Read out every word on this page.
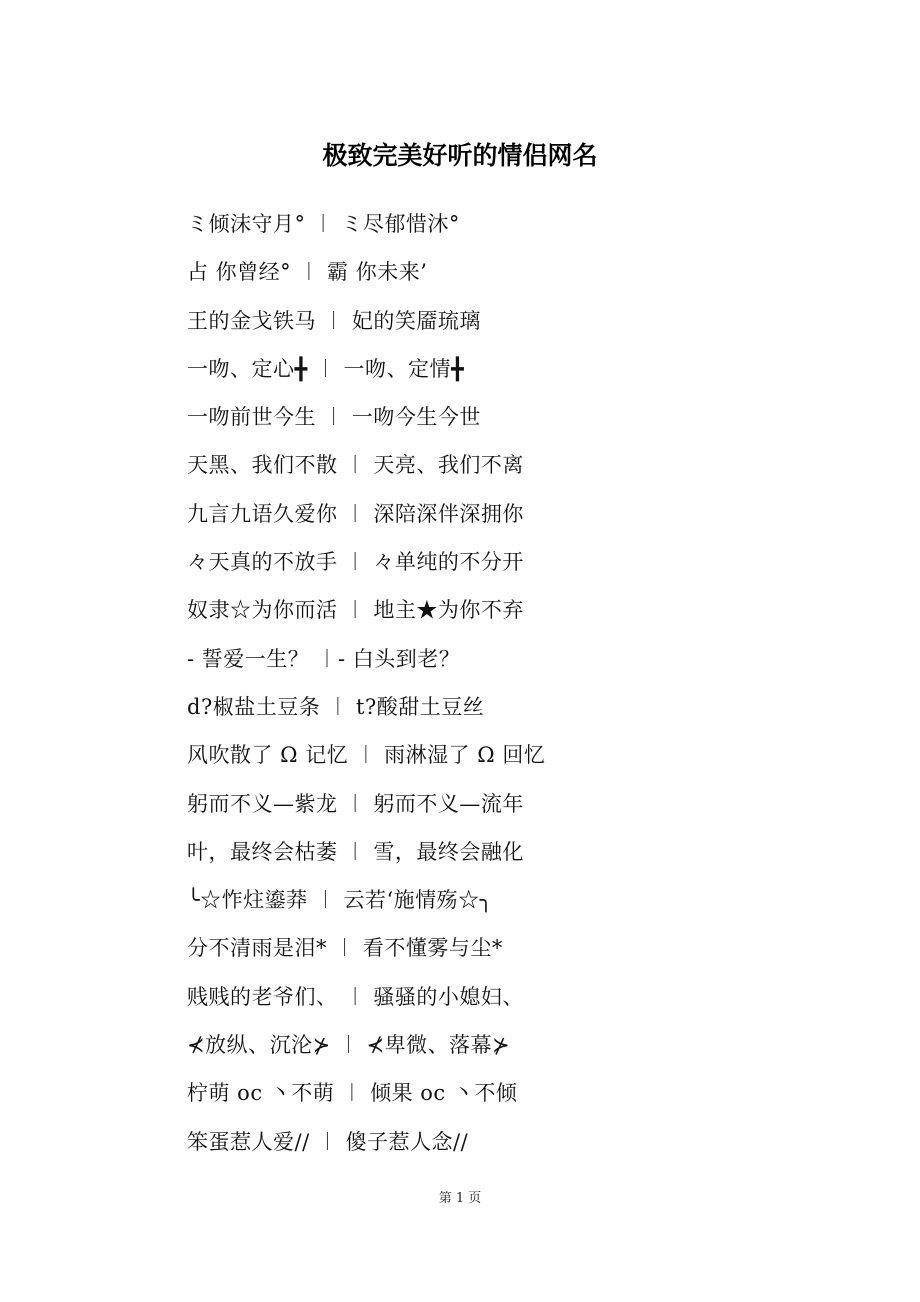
极致完美好听的情侣网名
ミ倾沫守月° ︱ ミ尽郁惜沐°
占 你曾经° ︱ 霸 你未来’
王的金戈铁马 ︱ 妃的笑靥琉璃
一吻、定心╋ ︱ 一吻、定情╋
一吻前世今生 ︱ 一吻今生今世
天黑、我们不散 ︱ 天亮、我们不离
九言九语久爱你 ︱ 深陪深伴深拥你
々天真的不放手 ︱ 々单纯的不分开
奴隶☆为你而活 ︱ 地主★为你不弃
- 誓爱一生？ ︱- 白头到老？
d?椒盐土豆条 ︱ t?酸甜土豆丝
风吹散了 Ω 记忆 ︱ 雨淋湿了 Ω 回忆
躬而不义—紫龙 ︱ 躬而不义—流年
叶，最终会枯萎 ︱ 雪，最终会融化
╰☆怍炷鎏莽 ︱ 云若‘施情殇☆╮
分不清雨是泪* ︱ 看不懂雾与尘*
贱贱的老爷们、 ︱ 骚骚的小媳妇、
⊀放纵、沉沦⊁ ︱ ⊀卑微、落幕⊁
柠萌 oc 丶不萌 ︱ 倾果 oc 丶不倾
笨蛋惹人爱// ︱ 傻子惹人念//
第 1 页
